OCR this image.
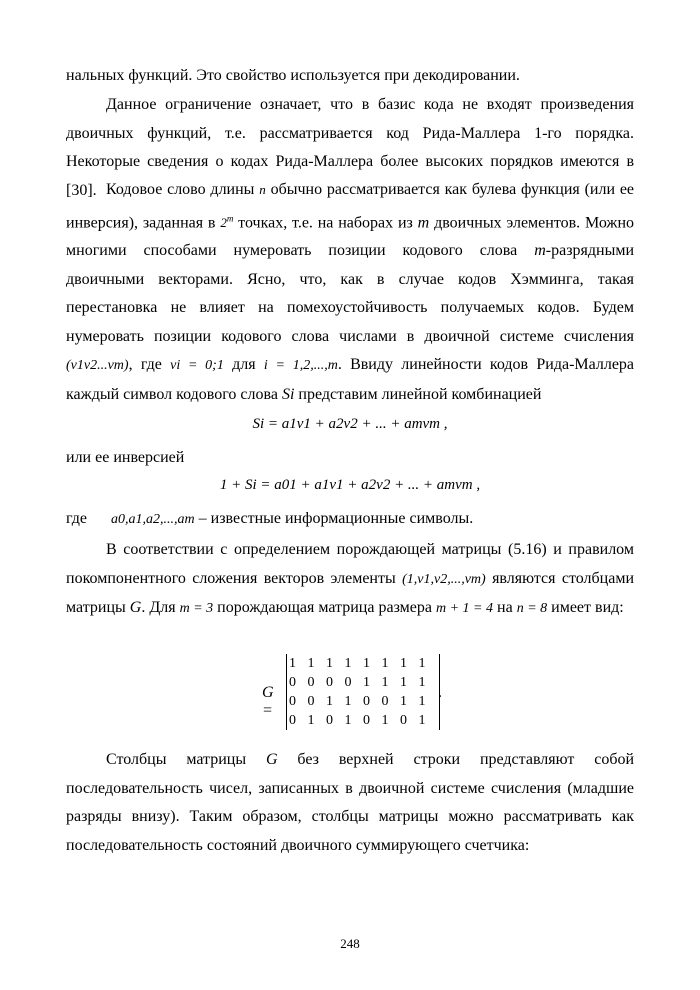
нальных функций. Это свойство используется при декодировании.

Данное ограничение означает, что в базис кода не входят произведения двоичных функций, т.е. рассматривается код Рида-Маллера 1-го порядка. Некоторые сведения о кодах Рида-Маллера более высоких порядков имеются в [30]. Кодовое слово длины n обычно рассматривается как булева функция (или ее инверсия), заданная в 2$^m$ точках, т.е. на наборах из m двоичных элементов. Можно многими способами нумеровать позиции кодового слова m-разрядными двоичными векторами. Ясно, что, как в случае кодов Хэмминга, такая перестановка не влияет на помехоустойчивость получаемых кодов. Будем нумеровать позиции кодового слова числами в двоичной системе счисления (v1v2...vm), где vi = 0;1 для i = 1,2,...,m. Ввиду линейности кодов Рида-Маллера каждый символ кодового слова Si представим линейной комбинацией

Si = a1v1 + a2v2 + ... + amvm ,

или ее инверсией

1 + Si = a01 + a1v1 + a2v2 + ... + amvm ,

где a0,a1,a2,...,am – известные информационные символы.

В соответствии с определением порождающей матрицы (5.16) и правилом покомпонентного сложения векторов элементы (1,v1,v2,...,vm) являются столбцами матрицы G. Для m = 3 порождающая матрица размера m + 1 = 4 на n = 8 имеет вид:

G =
1 1 1 1 1 1 1 1
0 0 0 0 1 1 1 1
0 0 1 1 0 0 1 1
0 1 0 1 0 1 0 1
.

Столбцы матрицы G без верхней строки представляют собой последовательность чисел, записанных в двоичной системе счисления (младшие разряды внизу). Таким образом, столбцы матрицы можно рассматривать как последовательность состояний двоичного суммирующего счетчика:

248
